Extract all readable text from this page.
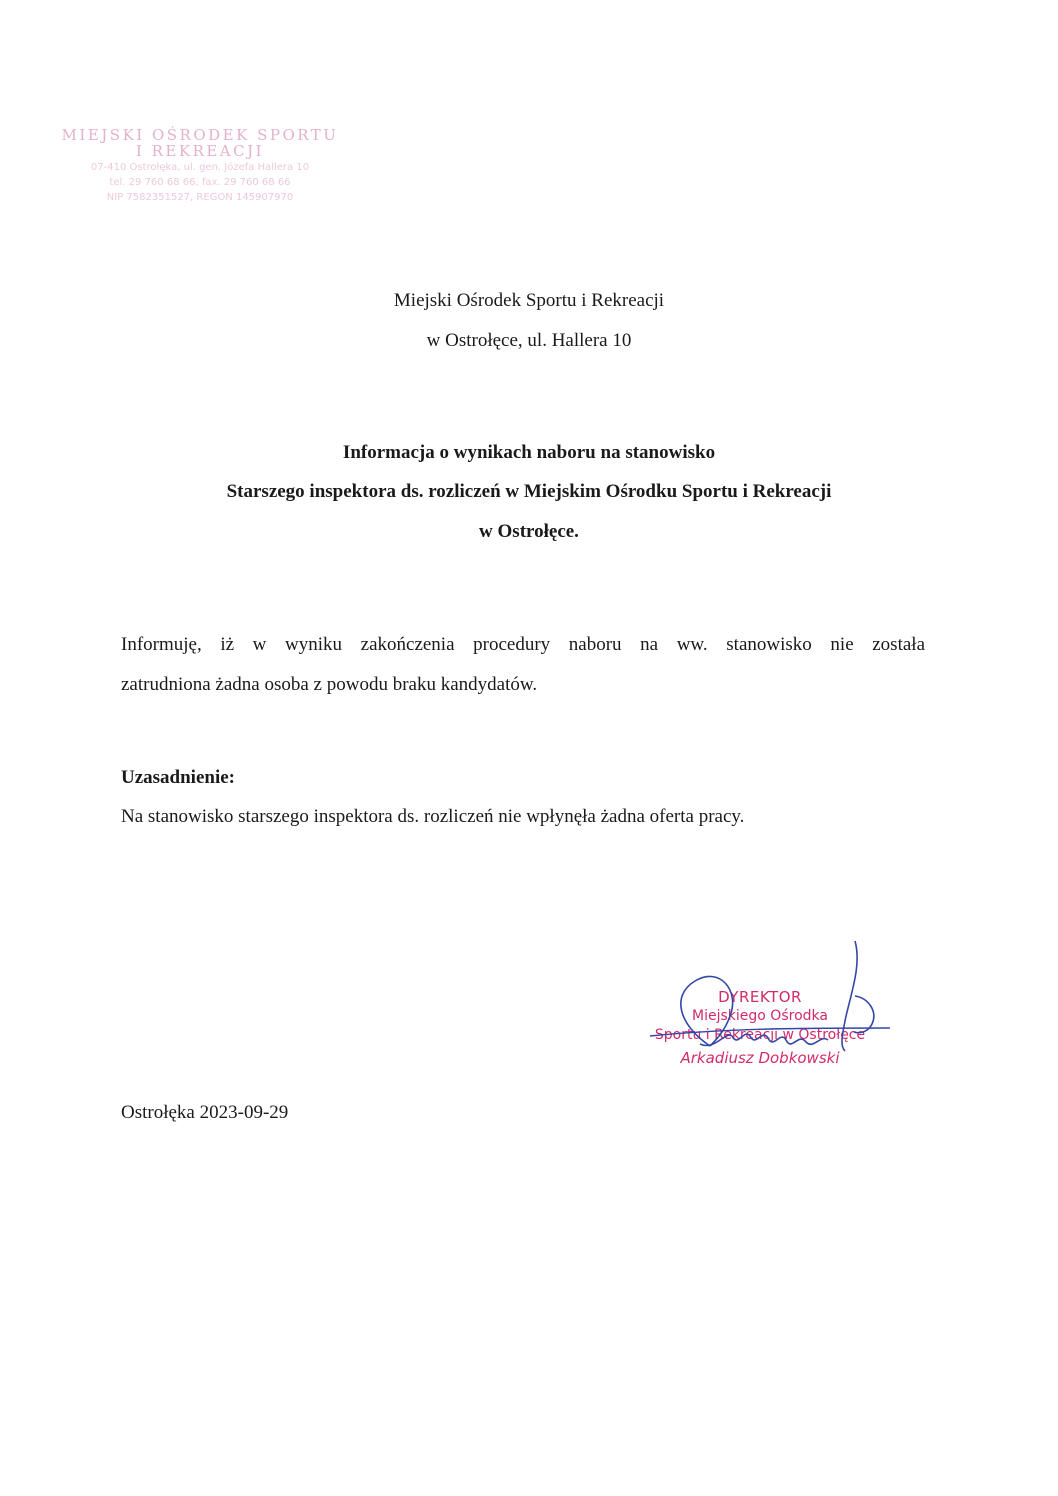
MIEJSKI OŚRODEK SPORTU
I REKREACJI
07-410 Ostrołęka, ul. gen. Józefa Hallera 10
tel. 29 760 68 66, fax. 29 760 68 66
NIP 7582351527, REGON 145907970
Miejski Ośrodek Sportu i Rekreacji
w Ostrołęce, ul. Hallera 10
Informacja o wynikach naboru na stanowisko
Starszego inspektora ds. rozliczeń w Miejskim Ośrodku Sportu i Rekreacji
w Ostrołęce.
Informuję, iż w wyniku zakończenia procedury naboru na ww. stanowisko nie została
zatrudniona żadna osoba z powodu braku kandydatów.
Uzasadnienie:
Na stanowisko starszego inspektora ds. rozliczeń nie wpłynęła żadna oferta pracy.
DYREKTOR
Miejskiego Ośrodka
Sportu i Rekreacji w Ostrołęce
Arkadiusz Dobkowski
Ostrołęka 2023-09-29
